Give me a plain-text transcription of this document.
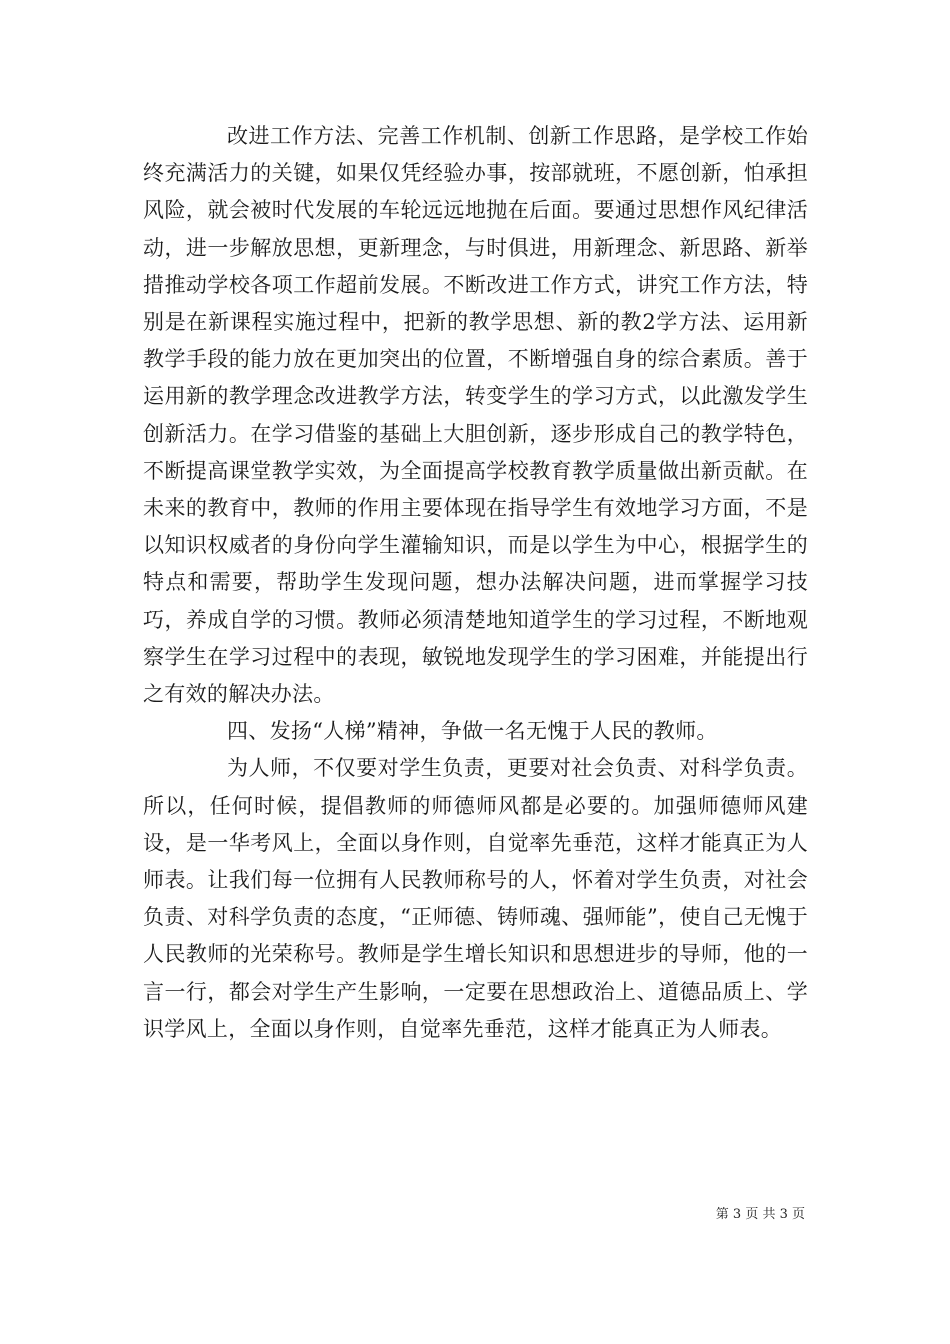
改进工作方法、完善工作机制、创新工作思路，是学校工作始终充满活力的关键，如果仅凭经验办事，按部就班，不愿创新，怕承担风险，就会被时代发展的车轮远远地抛在后面。要通过思想作风纪律活动，进一步解放思想，更新理念，与时俱进，用新理念、新思路、新举措推动学校各项工作超前发展。不断改进工作方式，讲究工作方法，特别是在新课程实施过程中，把新的教学思想、新的教2学方法、运用新教学手段的能力放在更加突出的位置，不断增强自身的综合素质。善于运用新的教学理念改进教学方法，转变学生的学习方式，以此激发学生创新活力。在学习借鉴的基础上大胆创新，逐步形成自己的教学特色，不断提高课堂教学实效，为全面提高学校教育教学质量做出新贡献。在未来的教育中，教师的作用主要体现在指导学生有效地学习方面，不是以知识权威者的身份向学生灌输知识，而是以学生为中心，根据学生的特点和需要，帮助学生发现问题，想办法解决问题，进而掌握学习技巧，养成自学的习惯。教师必须清楚地知道学生的学习过程，不断地观察学生在学习过程中的表现，敏锐地发现学生的学习困难，并能提出行之有效的解决办法。

四、发扬“人梯”精神，争做一名无愧于人民的教师。

为人师，不仅要对学生负责，更要对社会负责、对科学负责。所以，任何时候，提倡教师的师德师风都是必要的。加强师德师风建设，是一华考风上，全面以身作则，自觉率先垂范，这样才能真正为人师表。让我们每一位拥有人民教师称号的人，怀着对学生负责，对社会负责、对科学负责的态度，“正师德、铸师魂、强师能”，使自己无愧于人民教师的光荣称号。教师是学生增长知识和思想进步的导师，他的一言一行，都会对学生产生影响，一定要在思想政治上、道德品质上、学识学风上，全面以身作则，自觉率先垂范，这样才能真正为人师表。

第 3 页 共 3 页
